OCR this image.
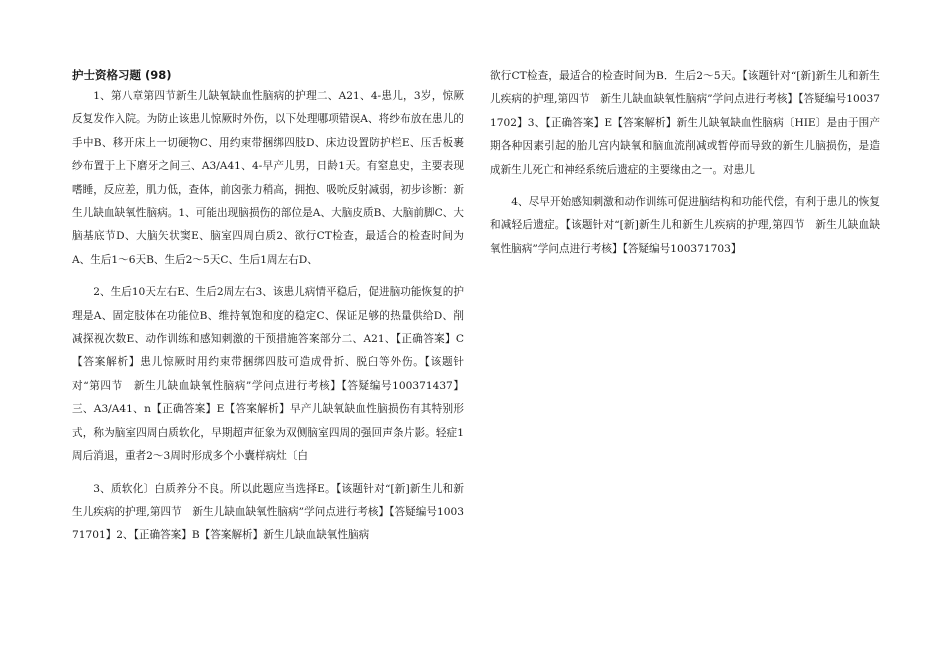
护士资格习题 (98)

1、第八章第四节新生儿缺氧缺血性脑病的护理二、A21、4-患儿，3岁，惊厥反复发作入院。为防止该患儿惊厥时外伤，以下处理哪项错误A、将纱布放在患儿的手中B、移开床上一切硬物C、用约束带捆绑四肢D、床边设置防护栏E、压舌板裹纱布置于上下磨牙之间三、A3/A41、4-早产儿男，日龄1天。有窒息史，主要表现嗜睡，反应差，肌力低，查体，前囟张力稍高，拥抱、吸吮反射减弱，初步诊断：新生儿缺血缺氧性脑病。1、可能出现脑损伤的部位是A、大脑皮质B、大脑前脚C、大脑基底节D、大脑矢状窦E、脑室四周白质2、欲行CT检查，最适合的检查时间为A、生后1～6天B、生后2～5天C、生后1周左右D、

2、生后10天左右E、生后2周左右3、该患儿病情平稳后，促进脑功能恢复的护理是A、固定肢体在功能位B、维持氧饱和度的稳定C、保证足够的热量供给D、削减探视次数E、动作训练和感知刺激的干预措施答案部分二、A21、【正确答案】C【答案解析】患儿惊厥时用约束带捆绑四肢可造成骨折、脱臼等外伤。【该题针对“第四节　新生儿缺血缺氧性脑病”学问点进行考核】【答疑编号100371437】三、A3/A41、n【正确答案】E【答案解析】早产儿缺氧缺血性脑损伤有其特别形式，称为脑室四周白质软化，早期超声征象为双侧脑室四周的强回声条片影。轻症1周后消退，重者2～3周时形成多个小囊样病灶〔白

3、质软化〕白质养分不良。所以此题应当选择E。【该题针对“[新]新生儿和新生儿疾病的护理,第四节　新生儿缺血缺氧性脑病”学问点进行考核】【答疑编号100371701】2、【正确答案】B【答案解析】新生儿缺血缺氧性脑病

欲行CT检查，最适合的检查时间为B．生后2～5天。【该题针对“[新]新生儿和新生儿疾病的护理,第四节　新生儿缺血缺氧性脑病”学问点进行考核】【答疑编号100371702】3、【正确答案】E【答案解析】新生儿缺氧缺血性脑病〔HIE〕是由于围产期各种因素引起的胎儿宫内缺氧和脑血流削减或暂停而导致的新生儿脑损伤，是造成新生儿死亡和神经系统后遗症的主要缘由之一。对患儿

4、尽早开始感知刺激和动作训练可促进脑结构和功能代偿，有利于患儿的恢复和减轻后遗症。【该题针对“[新]新生儿和新生儿疾病的护理,第四节　新生儿缺血缺氧性脑病”学问点进行考核】【答疑编号100371703】
